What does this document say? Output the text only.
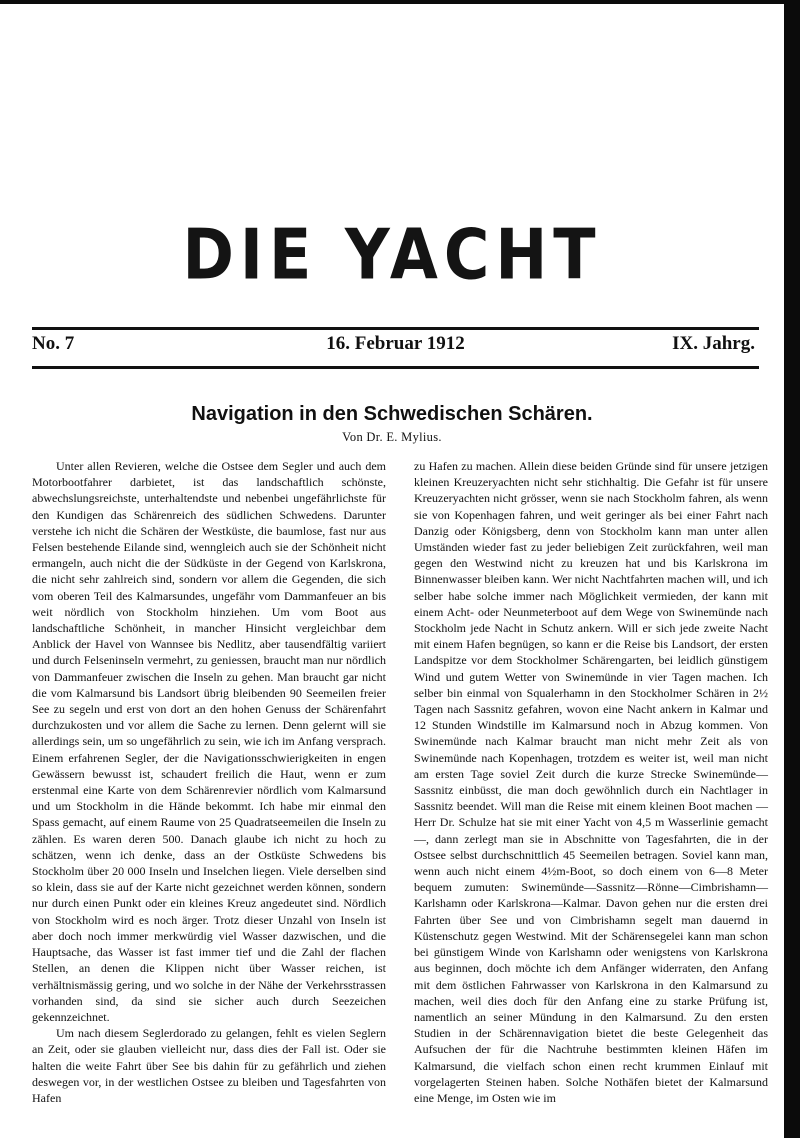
DIE YACHT
No. 7	16. Februar 1912	IX. Jahrg.
Navigation in den Schwedischen Schären.
Von Dr. E. Mylius.

Unter allen Revieren, welche die Ostsee dem Segler und auch dem Motorbootfahrer darbietet, ist das landschaftlich schönste, abwechslungsreichste, unterhaltendste und nebenbei ungefährlichste für den Kundigen das Schärenreich des südlichen Schwedens. Darunter verstehe ich nicht die Schären der Westküste, die baumlose, fast nur aus Felsen bestehende Eilande sind, wenngleich auch sie der Schönheit nicht ermangeln, auch nicht die der Südküste in der Gegend von Karlskrona, die nicht sehr zahlreich sind, sondern vor allem die Gegenden, die sich vom oberen Teil des Kalmarsundes, ungefähr vom Dammanfeuer an bis weit nördlich von Stockholm hinziehen. Um vom Boot aus landschaftliche Schönheit, in mancher Hinsicht vergleichbar dem Anblick der Havel von Wannsee bis Nedlitz, aber tausendfältig variiert und durch Felseninseln vermehrt, zu geniessen, braucht man nur nördlich von Dammanfeuer zwischen die Inseln zu gehen. Man braucht gar nicht die vom Kalmarsund bis Landsort übrig bleibenden 90 Seemeilen freier See zu segeln und erst von dort an den hohen Genuss der Schärenfahrt durchzukosten und vor allem die Sache zu lernen. Denn gelernt will sie allerdings sein, um so ungefährlich zu sein, wie ich im Anfang versprach. Einem erfahrenen Segler, der die Navigationsschwierigkeiten in engen Gewässern bewusst ist, schaudert freilich die Haut, wenn er zum erstenmal eine Karte von dem Schärenrevier nördlich vom Kalmarsund und um Stockholm in die Hände bekommt. Ich habe mir einmal den Spass gemacht, auf einem Raume von 25 Quadratseemeilen die Inseln zu zählen. Es waren deren 500. Danach glaube ich nicht zu hoch zu schätzen, wenn ich denke, dass an der Ostküste Schwedens bis Stockholm über 20 000 Inseln und Inselchen liegen. Viele derselben sind so klein, dass sie auf der Karte nicht gezeichnet werden können, sondern nur durch einen Punkt oder ein kleines Kreuz angedeutet sind. Nördlich von Stockholm wird es noch ärger. Trotz dieser Unzahl von Inseln ist aber doch noch immer merkwürdig viel Wasser dazwischen, und die Hauptsache, das Wasser ist fast immer tief und die Zahl der flachen Stellen, an denen die Klippen nicht über Wasser reichen, ist verhältnismässig gering, und wo solche in der Nähe der Verkehrsstrassen vorhanden sind, da sind sie sicher auch durch Seezeichen gekennzeichnet.

Um nach diesem Seglerdorado zu gelangen, fehlt es vielen Seglern an Zeit, oder sie glauben vielleicht nur, dass dies der Fall ist. Oder sie halten die weite Fahrt über See bis dahin für zu gefährlich und ziehen deswegen vor, in der westlichen Ostsee zu bleiben und Tagesfahrten von Hafen

zu Hafen zu machen. Allein diese beiden Gründe sind für unsere jetzigen kleinen Kreuzeryachten nicht sehr stichhaltig. Die Gefahr ist für unsere Kreuzeryachten nicht grösser, wenn sie nach Stockholm fahren, als wenn sie von Kopenhagen fahren, und weit geringer als bei einer Fahrt nach Danzig oder Königsberg, denn von Stockholm kann man unter allen Umständen wieder fast zu jeder beliebigen Zeit zurückfahren, weil man gegen den Westwind nicht zu kreuzen hat und bis Karlskrona im Binnenwasser bleiben kann. Wer nicht Nachtfahrten machen will, und ich selber habe solche immer nach Möglichkeit vermieden, der kann mit einem Acht- oder Neunmeterboot auf dem Wege von Swinemünde nach Stockholm jede Nacht in Schutz ankern. Will er sich jede zweite Nacht mit einem Hafen begnügen, so kann er die Reise bis Landsort, der ersten Landspitze vor dem Stockholmer Schärengarten, bei leidlich günstigem Wind und gutem Wetter von Swinemünde in vier Tagen machen. Ich selber bin einmal von Squalerhamn in den Stockholmer Schären in 2½ Tagen nach Sassnitz gefahren, wovon eine Nacht ankern in Kalmar und 12 Stunden Windstille im Kalmarsund noch in Abzug kommen. Von Swinemünde nach Kalmar braucht man nicht mehr Zeit als von Swinemünde nach Kopenhagen, trotzdem es weiter ist, weil man nicht am ersten Tage soviel Zeit durch die kurze Strecke Swinemünde—Sassnitz einbüsst, die man doch gewöhnlich durch ein Nachtlager in Sassnitz beendet. Will man die Reise mit einem kleinen Boot machen — Herr Dr. Schulze hat sie mit einer Yacht von 4,5 m Wasserlinie gemacht —, dann zerlegt man sie in Abschnitte von Tagesfahrten, die in der Ostsee selbst durchschnittlich 45 Seemeilen betragen. Soviel kann man, wenn auch nicht einem 4½m-Boot, so doch einem von 6—8 Meter bequem zumuten: Swinemünde—Sassnitz—Rönne—Cimbrishamn—Karlshamn oder Karlskrona—Kalmar. Davon gehen nur die ersten drei Fahrten über See und von Cimbrishamn segelt man dauernd in Küstenschutz gegen Westwind. Mit der Schärensegelei kann man schon bei günstigem Winde von Karlshamn oder wenigstens von Karlskrona aus beginnen, doch möchte ich dem Anfänger widerraten, den Anfang mit dem östlichen Fahrwasser von Karlskrona in den Kalmarsund zu machen, weil dies doch für den Anfang eine zu starke Prüfung ist, namentlich an seiner Mündung in den Kalmarsund. Zu den ersten Studien in der Schärennavigation bietet die beste Gelegenheit das Aufsuchen der für die Nachtruhe bestimmten kleinen Häfen im Kalmarsund, die vielfach schon einen recht krummen Einlauf mit vorgelagerten Steinen haben. Solche Nothäfen bietet der Kalmarsund eine Menge, im Osten wie im
